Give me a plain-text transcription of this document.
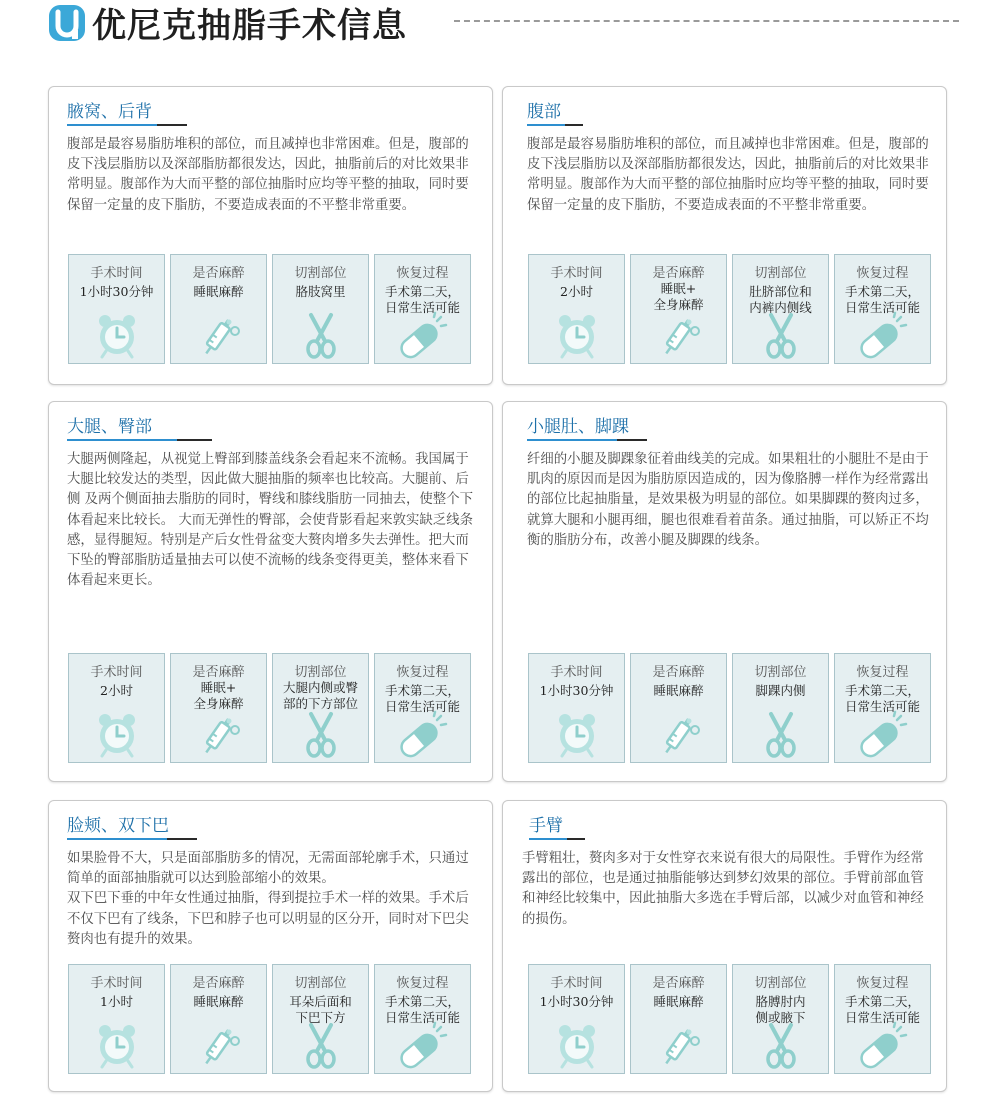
优尼克抽脂手术信息
腋窝、后背

腹部是最容易脂肪堆积的部位，而且减掉也非常困难。但是，腹部的皮下浅层脂肪以及深部脂肪都很发达，因此，抽脂前后的对比效果非常明显。腹部作为大而平整的部位抽脂时应均等平整的抽取，同时要保留一定量的皮下脂肪，不要造成表面的不平整非常重要。

手术时间
1小时30分钟
是否麻醉
睡眠麻醉
切割部位
胳肢窝里
恢复过程
手术第二天，
日常生活可能
腹部

腹部是最容易脂肪堆积的部位，而且减掉也非常困难。但是，腹部的皮下浅层脂肪以及深部脂肪都很发达，因此，抽脂前后的对比效果非常明显。腹部作为大而平整的部位抽脂时应均等平整的抽取，同时要保留一定量的皮下脂肪，不要造成表面的不平整非常重要。

手术时间
2小时
是否麻醉
睡眠+
全身麻醉
切割部位
肚脐部位和
内裤内侧线
恢复过程
手术第二天，
日常生活可能
大腿、臀部

大腿两侧隆起，从视觉上臀部到膝盖线条会看起来不流畅。我国属于大腿比较发达的类型，因此做大腿抽脂的频率也比较高。大腿前、后侧 及两个侧面抽去脂肪的同时，臀线和膝线脂肪一同抽去，使整个下体看起来比较长。 大而无弹性的臀部，会使背影看起来敦实缺乏线条感，显得腿短。特别是产后女性骨盆变大赘肉增多失去弹性。把大而下坠的臀部脂肪适量抽去可以使不流畅的线条变得更美，整体来看下体看起来更长。

手术时间
2小时
是否麻醉
睡眠+
全身麻醉
切割部位
大腿内侧或臀
部的下方部位
恢复过程
手术第二天，
日常生活可能
小腿肚、脚踝

纤细的小腿及脚踝象征着曲线美的完成。如果粗壮的小腿肚不是由于肌肉的原因而是因为脂肪原因造成的，因为像胳膊一样作为经常露出的部位比起抽脂量，是效果极为明显的部位。如果脚踝的赘肉过多，就算大腿和小腿再细，腿也很难看着苗条。通过抽脂，可以矫正不均衡的脂肪分布，改善小腿及脚踝的线条。

手术时间
1小时30分钟
是否麻醉
睡眠麻醉
切割部位
脚踝内侧
恢复过程
手术第二天，
日常生活可能
脸颊、双下巴

如果脸骨不大，只是面部脂肪多的情况，无需面部轮廓手术，只通过简单的面部抽脂就可以达到脸部缩小的效果。

双下巴下垂的中年女性通过抽脂，得到提拉手术一样的效果。手术后不仅下巴有了线条，下巴和脖子也可以明显的区分开，同时对下巴尖赘肉也有提升的效果。

手术时间
1小时
是否麻醉
睡眠麻醉
切割部位
耳朵后面和
下巴下方
恢复过程
手术第二天，
日常生活可能
手臂

手臂粗壮，赘肉多对于女性穿衣来说有很大的局限性。手臂作为经常露出的部位，也是通过抽脂能够达到梦幻效果的部位。手臂前部血管和神经比较集中，因此抽脂大多选在手臂后部，以减少对血管和神经的损伤。

手术时间
1小时30分钟
是否麻醉
睡眠麻醉
切割部位
胳膊肘内
侧或腋下
恢复过程
手术第二天，
日常生活可能
